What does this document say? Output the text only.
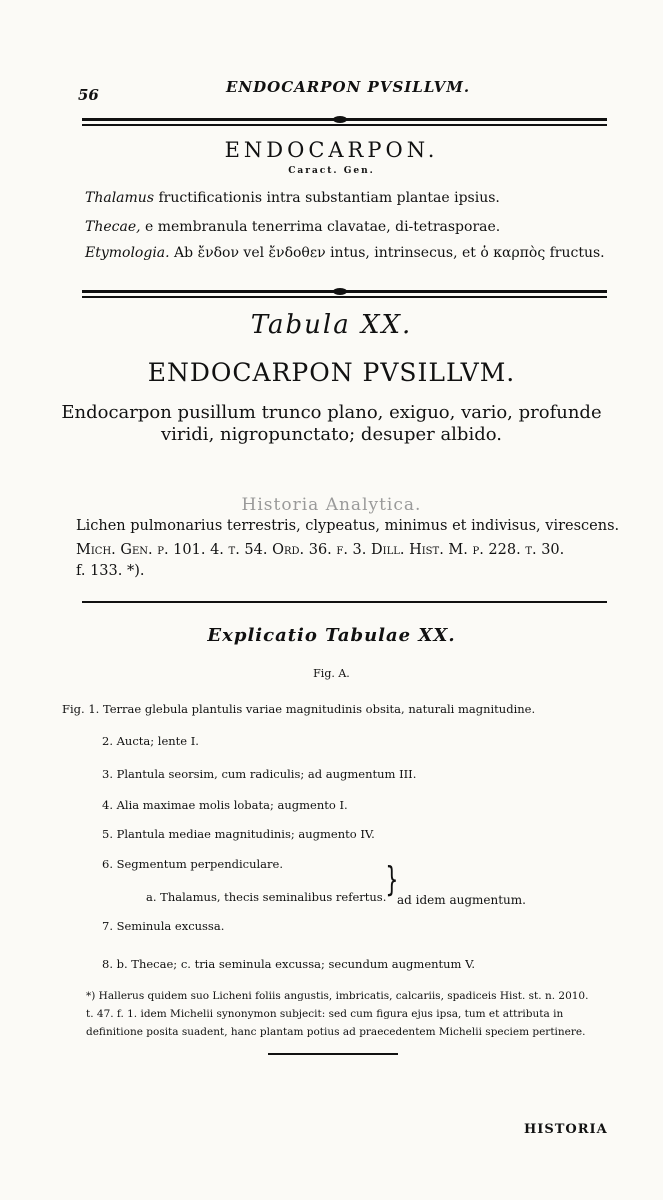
56	ENDOCARPON PVSILLVM.
ENDOCARPON.
Caract. Gen.
Thalamus fructificationis intra substantiam plantae ipsius.
Thecae, e membranula tenerrima clavatae, di-tetrasporae.
Etymologia. Ab ἔνδον vel ἔνδοθεν intus, intrinsecus, et ὁ καρπὸς fructus.
Tabula XX.
ENDOCARPON PVSILLVM.
Endocarpon pusillum trunco plano, exiguo, vario, profunde
viridi, nigropunctato; desuper albido.
Historia Analytica.
Lichen pulmonarius terrestris, clypeatus, minimus et indivisus, virescens.
Mich. Gen. p. 101. 4. t. 54. Ord. 36. f. 3. Dill. Hist. M. p. 228. t. 30.
f. 133. *).
Explicatio Tabulae XX.
Fig. A.
Fig. 1. Terrae glebula plantulis variae magnitudinis obsita, naturali magnitudine.
2. Aucta; lente I.
3. Plantula seorsim, cum radiculis; ad augmentum III.
4. Alia maximae molis lobata; augmento I.
5. Plantula mediae magnitudinis; augmento IV.
6. Segmentum perpendiculare.
a. Thalamus, thecis seminalibus refertus.
7. Seminula excussa.
8. b. Thecae; c. tria seminula excussa; secundum augmentum V.
}
ad idem augmentum.
*) Hallerus quidem suo Licheni foliis angustis, imbricatis, calcariis, spadiceis Hist. st. n. 2010.
t. 47. f. 1. idem Michelii synonymon subjecit: sed cum figura ejus ipsa, tum et attributa in
definitione posita suadent, hanc plantam potius ad praecedentem Michelii speciem pertinere.
HISTORIA
